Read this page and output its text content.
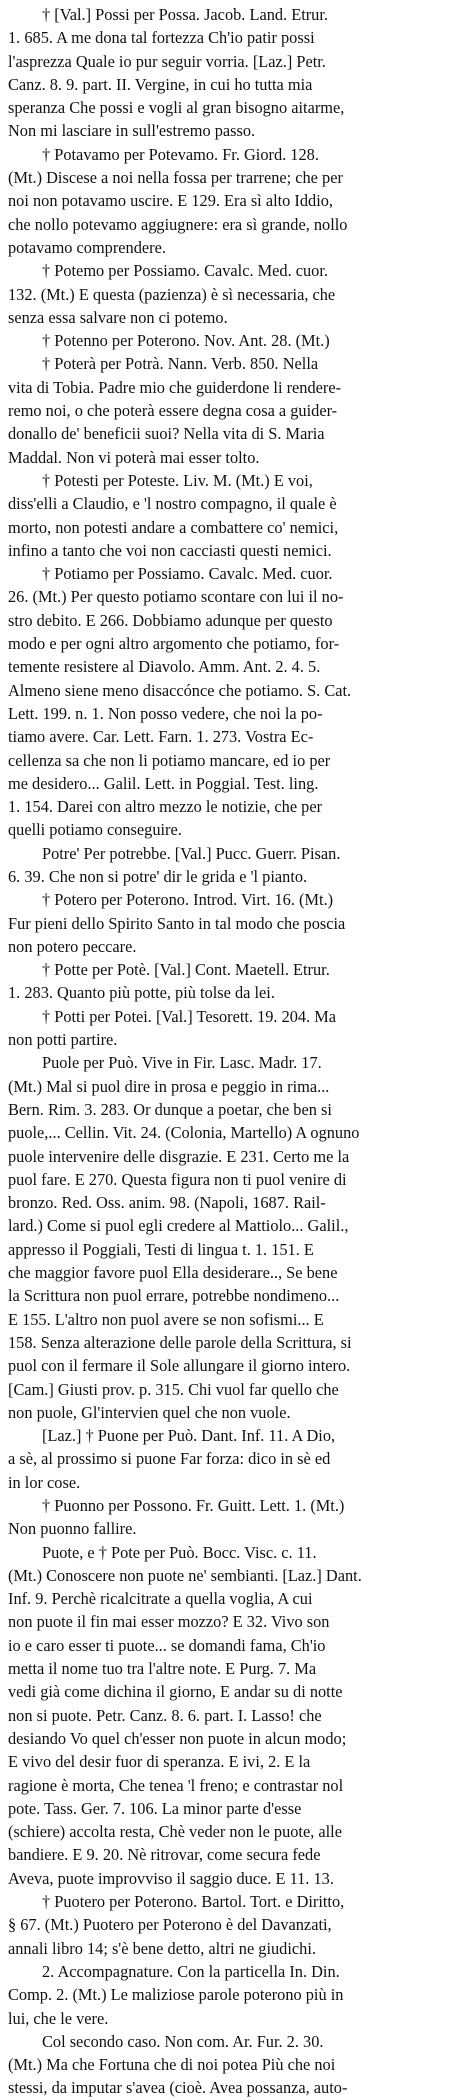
† [Val.] Possi per Possa. Jacob. Land. Etrur.
1. 685. A me dona tal fortezza Ch'io patir possi
l'asprezza Quale io pur seguir vorria. [Laz.] Petr.
Canz. 8. 9. part. II. Vergine, in cui ho tutta mia
speranza Che possi e vogli al gran bisogno aitarme,
Non mi lasciare in sull'estremo passo.
† Potavamo per Potevamo. Fr. Giord. 128.
(Mt.) Discese a noi nella fossa per trarrene; che per
noi non potavamo uscire. E 129. Era sì alto Iddio,
che nollo potevamo aggiugnere: era sì grande, nollo
potavamo comprendere.
† Potemo per Possiamo. Cavalc. Med. cuor.
132. (Mt.) E questa (pazienza) è sì necessaria, che
senza essa salvare non ci potemo.
† Potenno per Poterono. Nov. Ant. 28. (Mt.)
† Poterà per Potrà. Nann. Verb. 850. Nella
vita di Tobia. Padre mio che guiderdone li rendere-
remo noi, o che poterà essere degna cosa a guider-
donallo de' beneficii suoi? Nella vita di S. Maria
Maddal. Non vi poterà mai esser tolto.
† Potesti per Poteste. Liv. M. (Mt.) E voi,
diss'elli a Claudio, e 'l nostro compagno, il quale è
morto, non potesti andare a combattere co' nemici,
infino a tanto che voi non cacciasti questi nemici.
† Potiamo per Possiamo. Cavalc. Med. cuor.
26. (Mt.) Per questo potiamo scontare con lui il no-
stro debito. E 266. Dobbiamo adunque per questo
modo e per ogni altro argomento che potiamo, for-
temente resistere al Diavolo. Amm. Ant. 2. 4. 5.
Almeno siene meno disaccónce che potiamo. S. Cat.
Lett. 199. n. 1. Non posso vedere, che noi la po-
tiamo avere. Car. Lett. Farn. 1. 273. Vostra Ec-
cellenza sa che non li potiamo mancare, ed io per
me desidero... Galil. Lett. in Poggial. Test. ling.
1. 154. Darei con altro mezzo le notizie, che per
quelli potiamo conseguire.
Potre' Per potrebbe. [Val.] Pucc. Guerr. Pisan.
6. 39. Che non si potre' dir le grida e 'l pianto.
† Potero per Poterono. Introd. Virt. 16. (Mt.)
Fur pieni dello Spirito Santo in tal modo che poscia
non potero peccare.
† Potte per Potè. [Val.] Cont. Maetell. Etrur.
1. 283. Quanto più potte, più tolse da lei.
† Potti per Potei. [Val.] Tesorett. 19. 204. Ma
non potti partire.
Puole per Può. Vive in Fir. Lasc. Madr. 17.
(Mt.) Mal si puol dire in prosa e peggio in rima...
Bern. Rim. 3. 283. Or dunque a poetar, che ben si
puole,... Cellin. Vit. 24. (Colonia, Martello) A ognuno
puole intervenire delle disgrazie. E 231. Certo me la
puol fare. E 270. Questa figura non ti puol venire di
bronzo. Red. Oss. anim. 98. (Napoli, 1687. Rail-
lard.) Come si puol egli credere al Mattiolo... Galil.,
appresso il Poggiali, Testi di lingua t. 1. 151. E
che maggior favore puol Ella desiderare.., Se bene
la Scrittura non puol errare, potrebbe nondimeno...
E 155. L'altro non puol avere se non sofismi... E
158. Senza alterazione delle parole della Scrittura, si
puol con il fermare il Sole allungare il giorno intero.
[Cam.] Giusti prov. p. 315. Chi vuol far quello che
non puole, Gl'intervien quel che non vuole.
[Laz.] † Puone per Può. Dant. Inf. 11. A Dio,
a sè, al prossimo si puone Far forza: dico in sè ed
in lor cose.
† Puonno per Possono. Fr. Guitt. Lett. 1. (Mt.)
Non puonno fallire.
Puote, e † Pote per Può. Bocc. Visc. c. 11.
(Mt.) Conoscere non puote ne' sembianti. [Laz.] Dant.
Inf. 9. Perchè ricalcitrate a quella voglia, A cui
non puote il fin mai esser mozzo? E 32. Vivo son
io e caro esser ti puote... se domandi fama, Ch'io
metta il nome tuo tra l'altre note. E Purg. 7. Ma
vedi già come dichina il giorno, E andar su di notte
non si puote. Petr. Canz. 8. 6. part. I. Lasso! che
desiando Vo quel ch'esser non puote in alcun modo;
E vivo del desir fuor di speranza. E ivi, 2. E la
ragione è morta, Che tenea 'l freno; e contrastar nol
pote. Tass. Ger. 7. 106. La minor parte d'esse
(schiere) accolta resta, Chè veder non le puote, alle
bandiere. E 9. 20. Nè ritrovar, come secura fede
Aveva, puote improvviso il saggio duce. E 11. 13.
† Puotero per Poterono. Bartol. Tort. e Diritto,
§ 67. (Mt.) Puotero per Poterono è del Davanzati,
annali libro 14; s'è bene detto, altri ne giudichi.
2. Accompagnature. Con la particella In. Din.
Comp. 2. (Mt.) Le maliziose parole poterono più in
lui, che le vere.
Col secondo caso. Non com. Ar. Fur. 2. 30.
(Mt.) Ma che Fortuna che di noi potea Più che noi
stessi, da imputar s'avea (cioè. Avea possanza, auto-
